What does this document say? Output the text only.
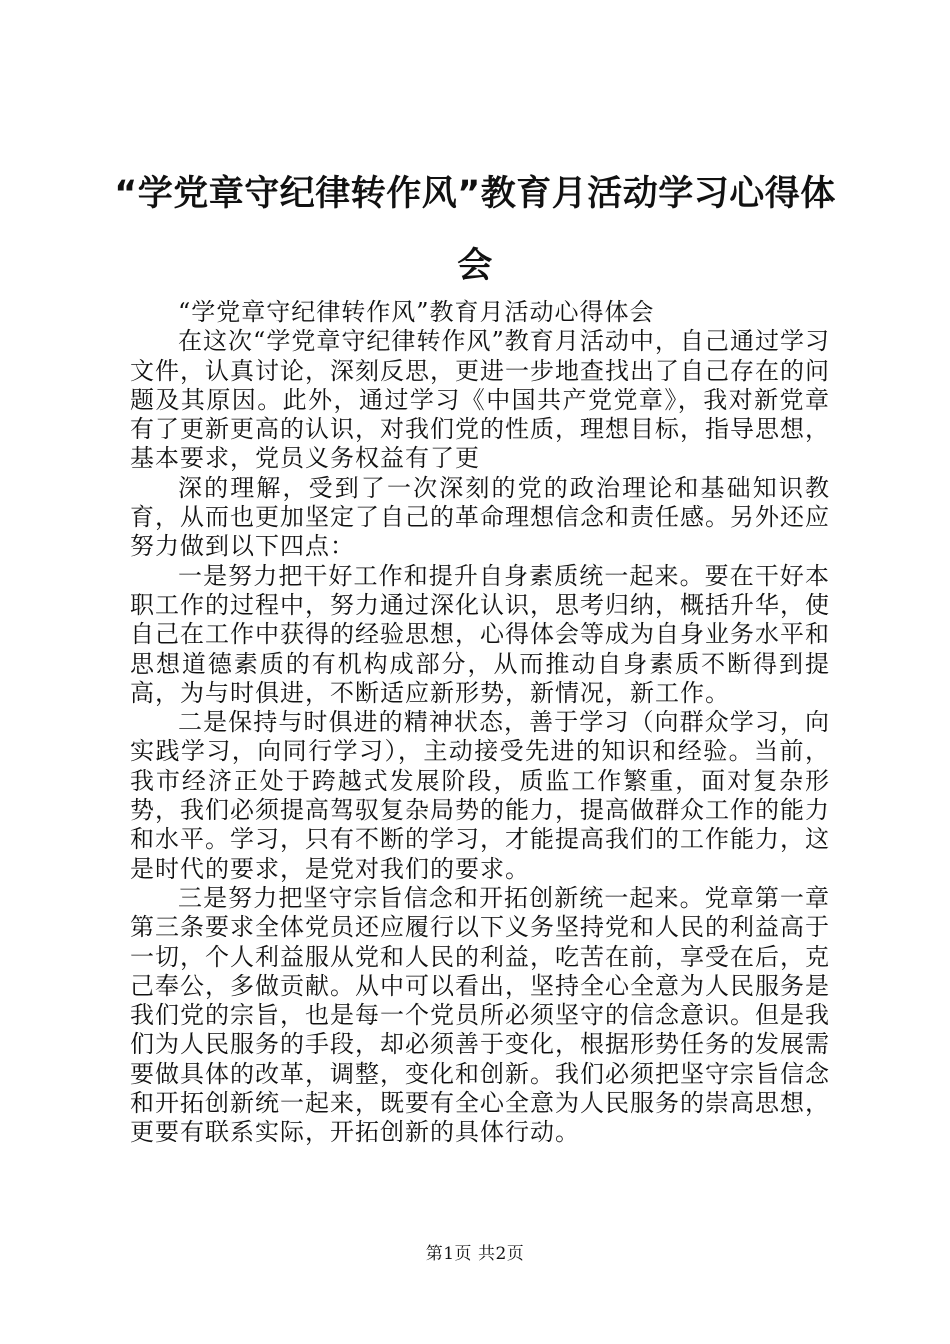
“学党章守纪律转作风”教育月活动学习心得体会

“学党章守纪律转作风”教育月活动心得体会

在这次“学党章守纪律转作风”教育月活动中，自己通过学习文件，认真讨论，深刻反思，更进一步地查找出了自己存在的问题及其原因。此外，通过学习《中国共产党党章》，我对新党章有了更新更高的认识，对我们党的性质，理想目标，指导思想，基本要求，党员义务权益有了更

深的理解，受到了一次深刻的党的政治理论和基础知识教育，从而也更加坚定了自己的革命理想信念和责任感。另外还应努力做到以下四点：

一是努力把干好工作和提升自身素质统一起来。要在干好本职工作的过程中，努力通过深化认识，思考归纳，概括升华，使自己在工作中获得的经验思想，心得体会等成为自身业务水平和思想道德素质的有机构成部分，从而推动自身素质不断得到提高，为与时俱进，不断适应新形势，新情况，新工作。

二是保持与时俱进的精神状态，善于学习（向群众学习，向实践学习，向同行学习），主动接受先进的知识和经验。当前，我市经济正处于跨越式发展阶段，质监工作繁重，面对复杂形势，我们必须提高驾驭复杂局势的能力，提高做群众工作的能力和水平。学习，只有不断的学习，才能提高我们的工作能力，这是时代的要求，是党对我们的要求。

三是努力把坚守宗旨信念和开拓创新统一起来。党章第一章第三条要求全体党员还应履行以下义务坚持党和人民的利益高于一切，个人利益服从党和人民的利益，吃苦在前，享受在后，克己奉公，多做贡献。从中可以看出，坚持全心全意为人民服务是我们党的宗旨，也是每一个党员所必须坚守的信念意识。但是我们为人民服务的手段，却必须善于变化，根据形势任务的发展需要做具体的改革，调整，变化和创新。我们必须把坚守宗旨信念和开拓创新统一起来，既要有全心全意为人民服务的崇高思想，更要有联系实际，开拓创新的具体行动。

第1页 共2页
